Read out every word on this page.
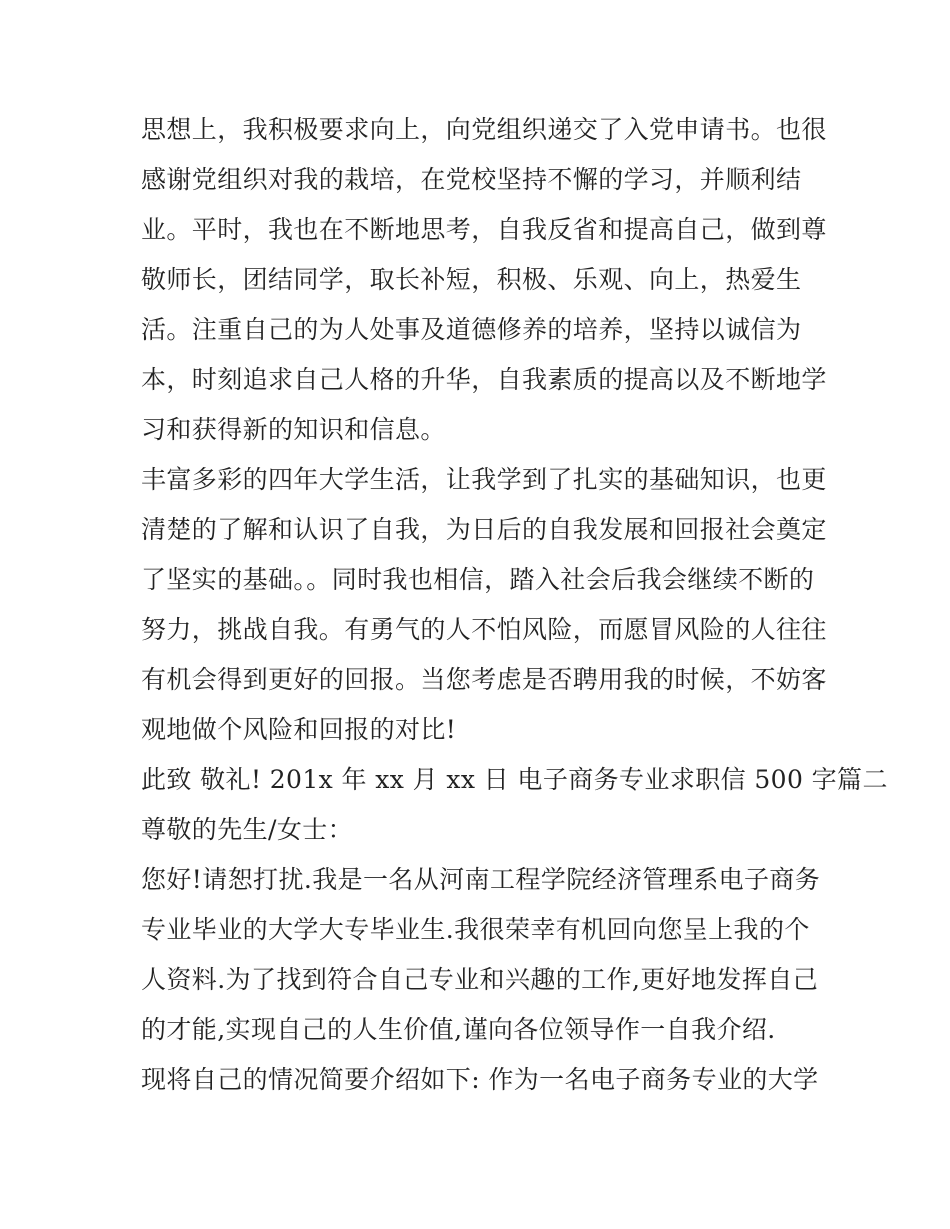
思想上，我积极要求向上，向党组织递交了入党申请书。也很
感谢党组织对我的栽培，在党校坚持不懈的学习，并顺利结
业。平时，我也在不断地思考，自我反省和提高自己，做到尊
敬师长，团结同学，取长补短，积极、乐观、向上，热爱生
活。注重自己的为人处事及道德修养的培养，坚持以诚信为
本，时刻追求自己人格的升华，自我素质的提高以及不断地学
习和获得新的知识和信息。
丰富多彩的四年大学生活，让我学到了扎实的基础知识，也更
清楚的了解和认识了自我，为日后的自我发展和回报社会奠定
了坚实的基础。。同时我也相信，踏入社会后我会继续不断的
努力，挑战自我。有勇气的人不怕风险，而愿冒风险的人往往
有机会得到更好的回报。当您考虑是否聘用我的时候，不妨客
观地做个风险和回报的对比!
此致 敬礼! 201x 年 xx 月 xx 日 电子商务专业求职信 500 字篇二
尊敬的先生/女士：
您好!请恕打扰.我是一名从河南工程学院经济管理系电子商务
专业毕业的大学大专毕业生.我很荣幸有机回向您呈上我的个
人资料.为了找到符合自己专业和兴趣的工作,更好地发挥自己
的才能,实现自己的人生价值,谨向各位领导作一自我介绍.
现将自己的情况简要介绍如下: 作为一名电子商务专业的大学
